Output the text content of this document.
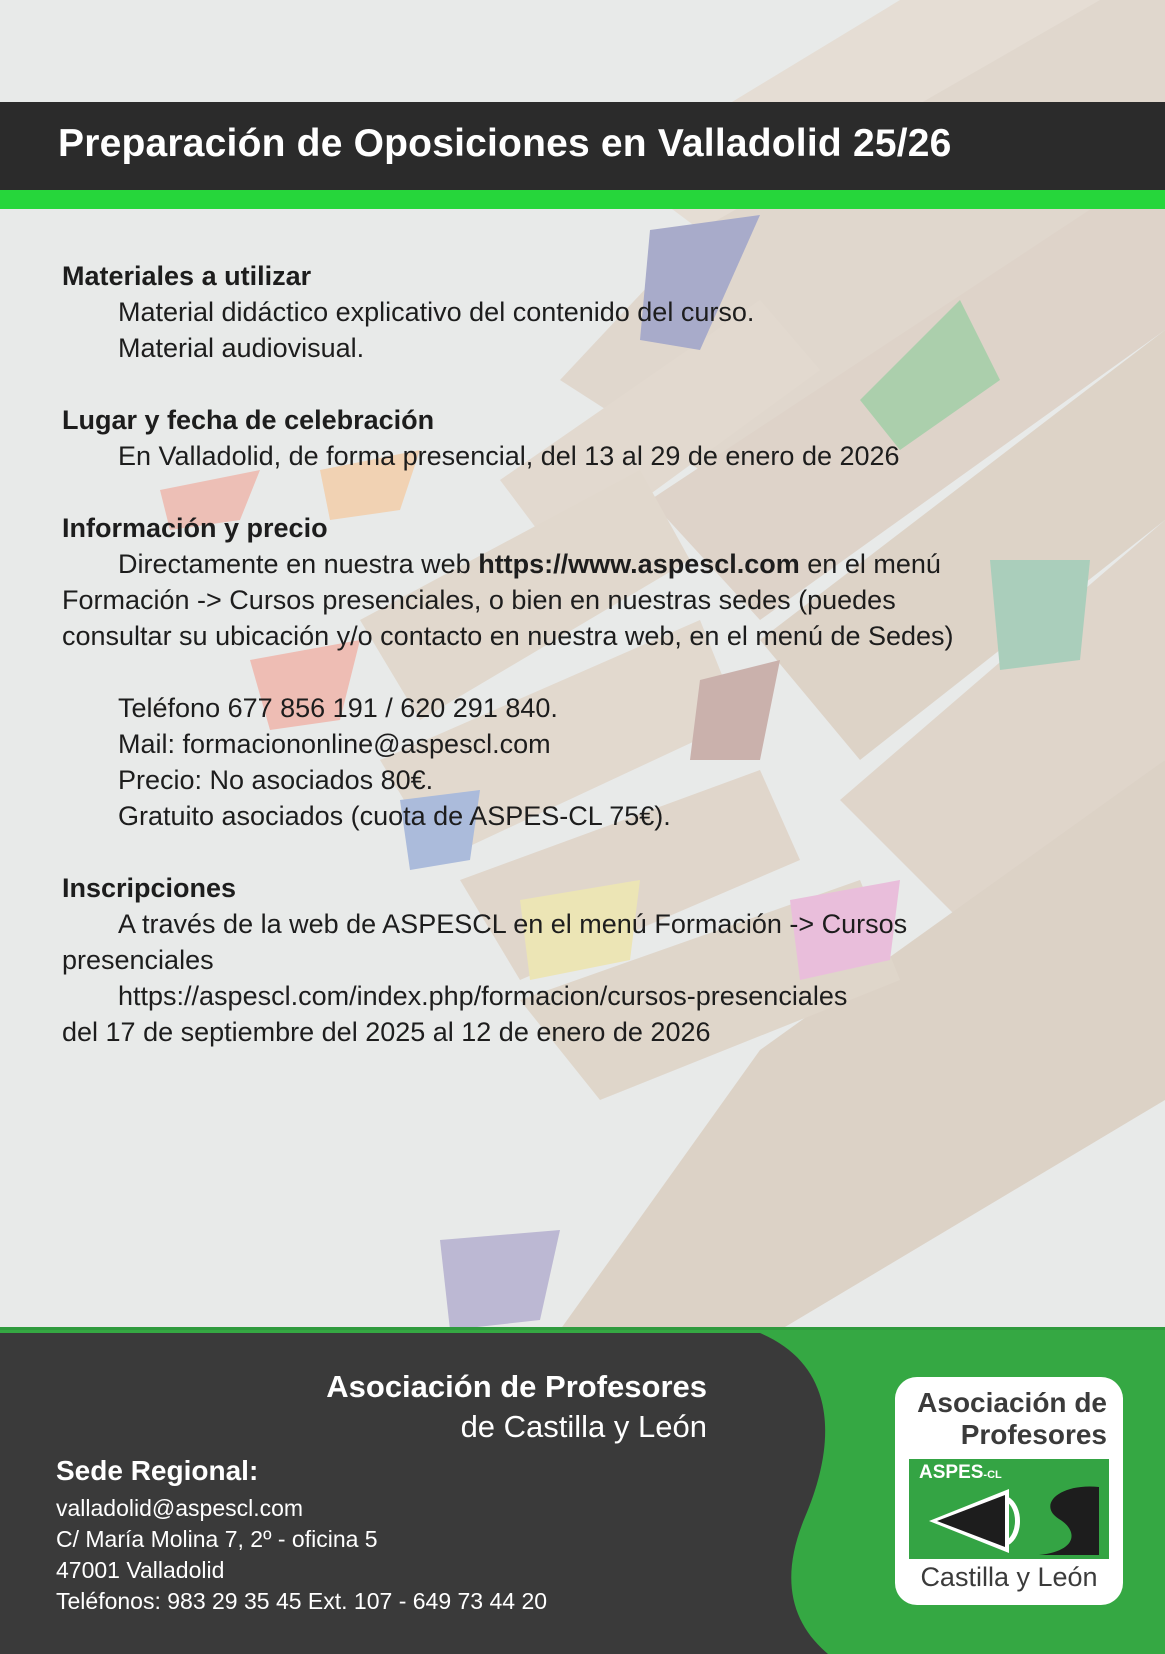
Preparación de Oposiciones en Valladolid 25/26
Materiales a utilizar
Material didáctico explicativo del contenido del curso.
Material audiovisual.
Lugar y fecha de celebración
En Valladolid, de forma presencial, del 13 al 29 de enero de 2026
Información y precio
Directamente en nuestra web https://www.aspescl.com en el menú
Formación -> Cursos presenciales, o bien en nuestras sedes (puedes
consultar su ubicación y/o contacto en nuestra web, en el menú de Sedes)
Teléfono 677 856 191 / 620 291 840.
Mail: formaciononline@aspescl.com
Precio: No asociados 80€.
Gratuito asociados (cuota de ASPES-CL 75€).
Inscripciones
A través de la web de ASPESCL en el menú Formación -> Cursos
presenciales
https://aspescl.com/index.php/formacion/cursos-presenciales
del 17 de septiembre del 2025 al 12 de enero de 2026
Asociación de Profesores
de Castilla y León
Sede Regional:
valladolid@aspescl.com
C/ María Molina 7, 2º - oficina 5
47001 Valladolid
Teléfonos: 983 29 35 45 Ext. 107 - 649 73 44 20
Asociación de
Profesores
ASPES-CL
Castilla y León
